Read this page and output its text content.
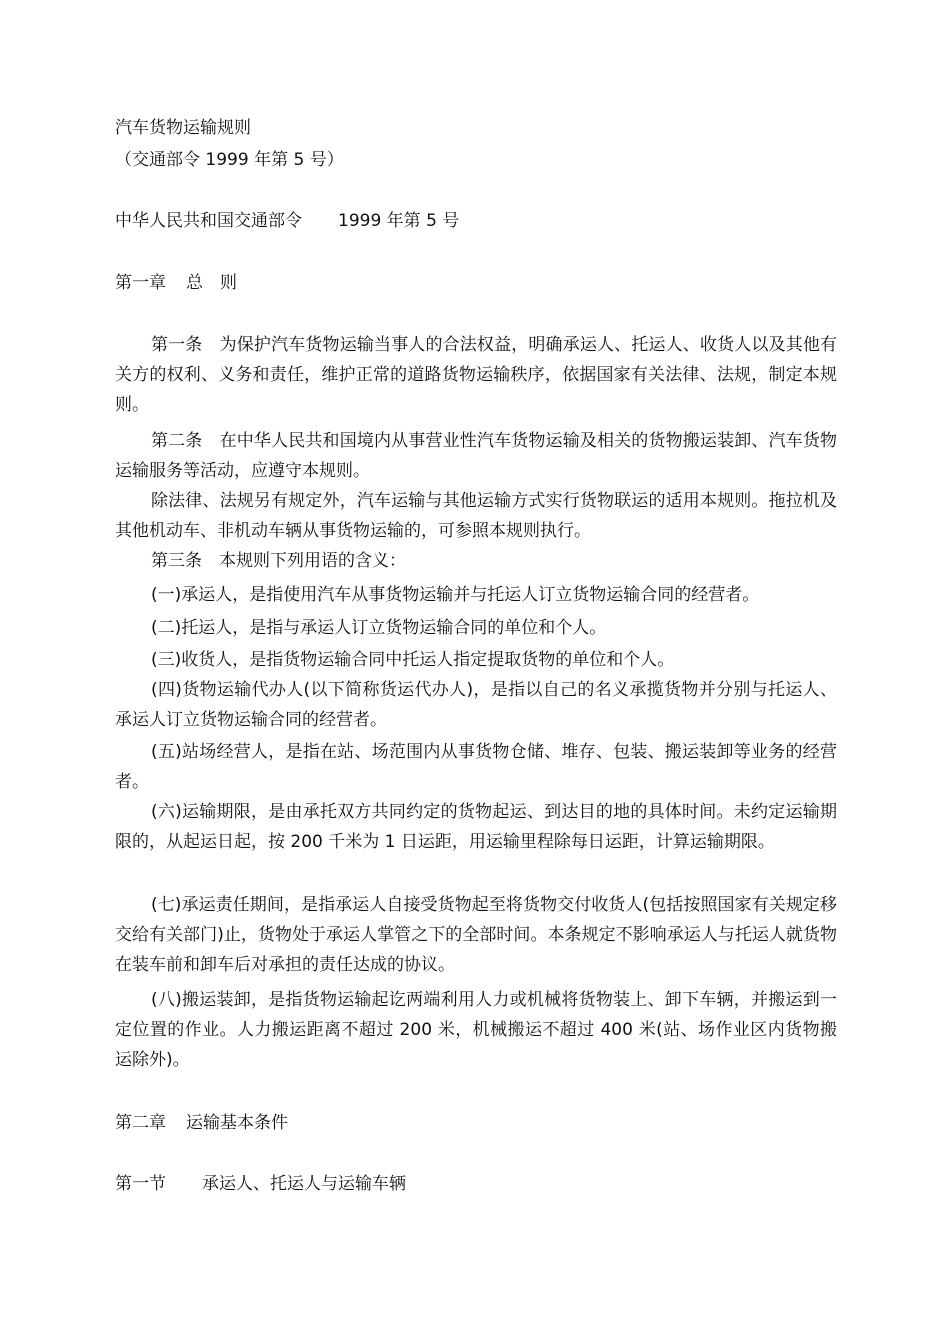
汽车货物运输规则
（交通部令 1999 年第 5 号）
中华人民共和国交通部令 1999 年第 5 号
第一章 总　则

第一条　为保护汽车货物运输当事人的合法权益，明确承运人、托运人、收货人以及其他有关方的权利、义务和责任，维护正常的道路货物运输秩序，依据国家有关法律、法规，制定本规则。

第二条　在中华人民共和国境内从事营业性汽车货物运输及相关的货物搬运装卸、汽车货物运输服务等活动，应遵守本规则。

除法律、法规另有规定外，汽车运输与其他运输方式实行货物联运的适用本规则。拖拉机及其他机动车、非机动车辆从事货物运输的，可参照本规则执行。

第三条　本规则下列用语的含义：

(一)承运人，是指使用汽车从事货物运输并与托运人订立货物运输合同的经营者。

(二)托运人，是指与承运人订立货物运输合同的单位和个人。

(三)收货人，是指货物运输合同中托运人指定提取货物的单位和个人。

(四)货物运输代办人(以下简称货运代办人)，是指以自己的名义承揽货物并分别与托运人、承运人订立货物运输合同的经营者。

(五)站场经营人，是指在站、场范围内从事货物仓储、堆存、包装、搬运装卸等业务的经营者。

(六)运输期限，是由承托双方共同约定的货物起运、到达目的地的具体时间。未约定运输期限的，从起运日起，按 200 千米为 1 日运距，用运输里程除每日运距，计算运输期限。

(七)承运责任期间，是指承运人自接受货物起至将货物交付收货人(包括按照国家有关规定移交给有关部门)止，货物处于承运人掌管之下的全部时间。本条规定不影响承运人与托运人就货物在装车前和卸车后对承担的责任达成的协议。

(八)搬运装卸，是指货物运输起讫两端利用人力或机械将货物装上、卸下车辆，并搬运到一定位置的作业。人力搬运距离不超过 200 米，机械搬运不超过 400 米(站、场作业区内货物搬运除外)。

第二章 运输基本条件
第一节 承运人、托运人与运输车辆
